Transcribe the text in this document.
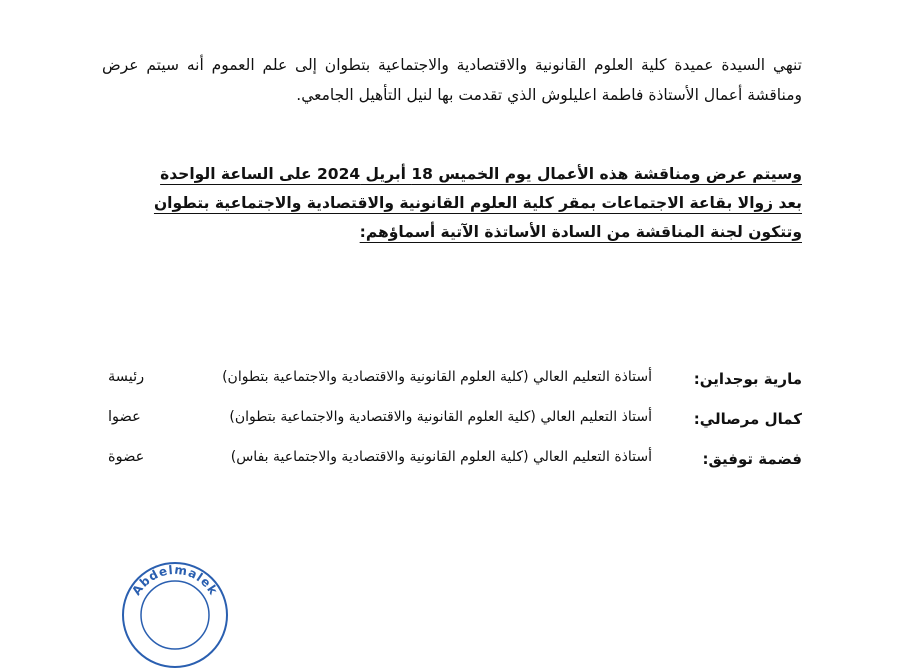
تنهي السيدة عميدة كلية العلوم القانونية والاقتصادية والاجتماعية بتطوان إلى علم العموم أنه سيتم عرض ومناقشة أعمال الأستاذة فاطمة اعليلوش الذي تقدمت بها لنيل التأهيل الجامعي.

وسيتم عرض ومناقشة هذه الأعمال يوم الخميس 18 أبريل 2024 على الساعة الواحدة
بعد زوالا بقاعة الاجتماعات بمقر كلية العلوم القانونية والاقتصادية والاجتماعية بتطوان
وتتكون لجنة المناقشة من السادة الأساتذة الآتية أسماؤهم:

مارية بوجداين:
أستاذة التعليم العالي (كلية العلوم القانونية والاقتصادية والاجتماعية بتطوان)
رئيسة
كمال مرصالي:
أستاذ التعليم العالي (كلية العلوم القانونية والاقتصادية والاجتماعية بتطوان)
عضوا
فضمة توفيق:
أستاذة التعليم العالي (كلية العلوم القانونية والاقتصادية والاجتماعية بفاس)
عضوة
Abdelmalek
